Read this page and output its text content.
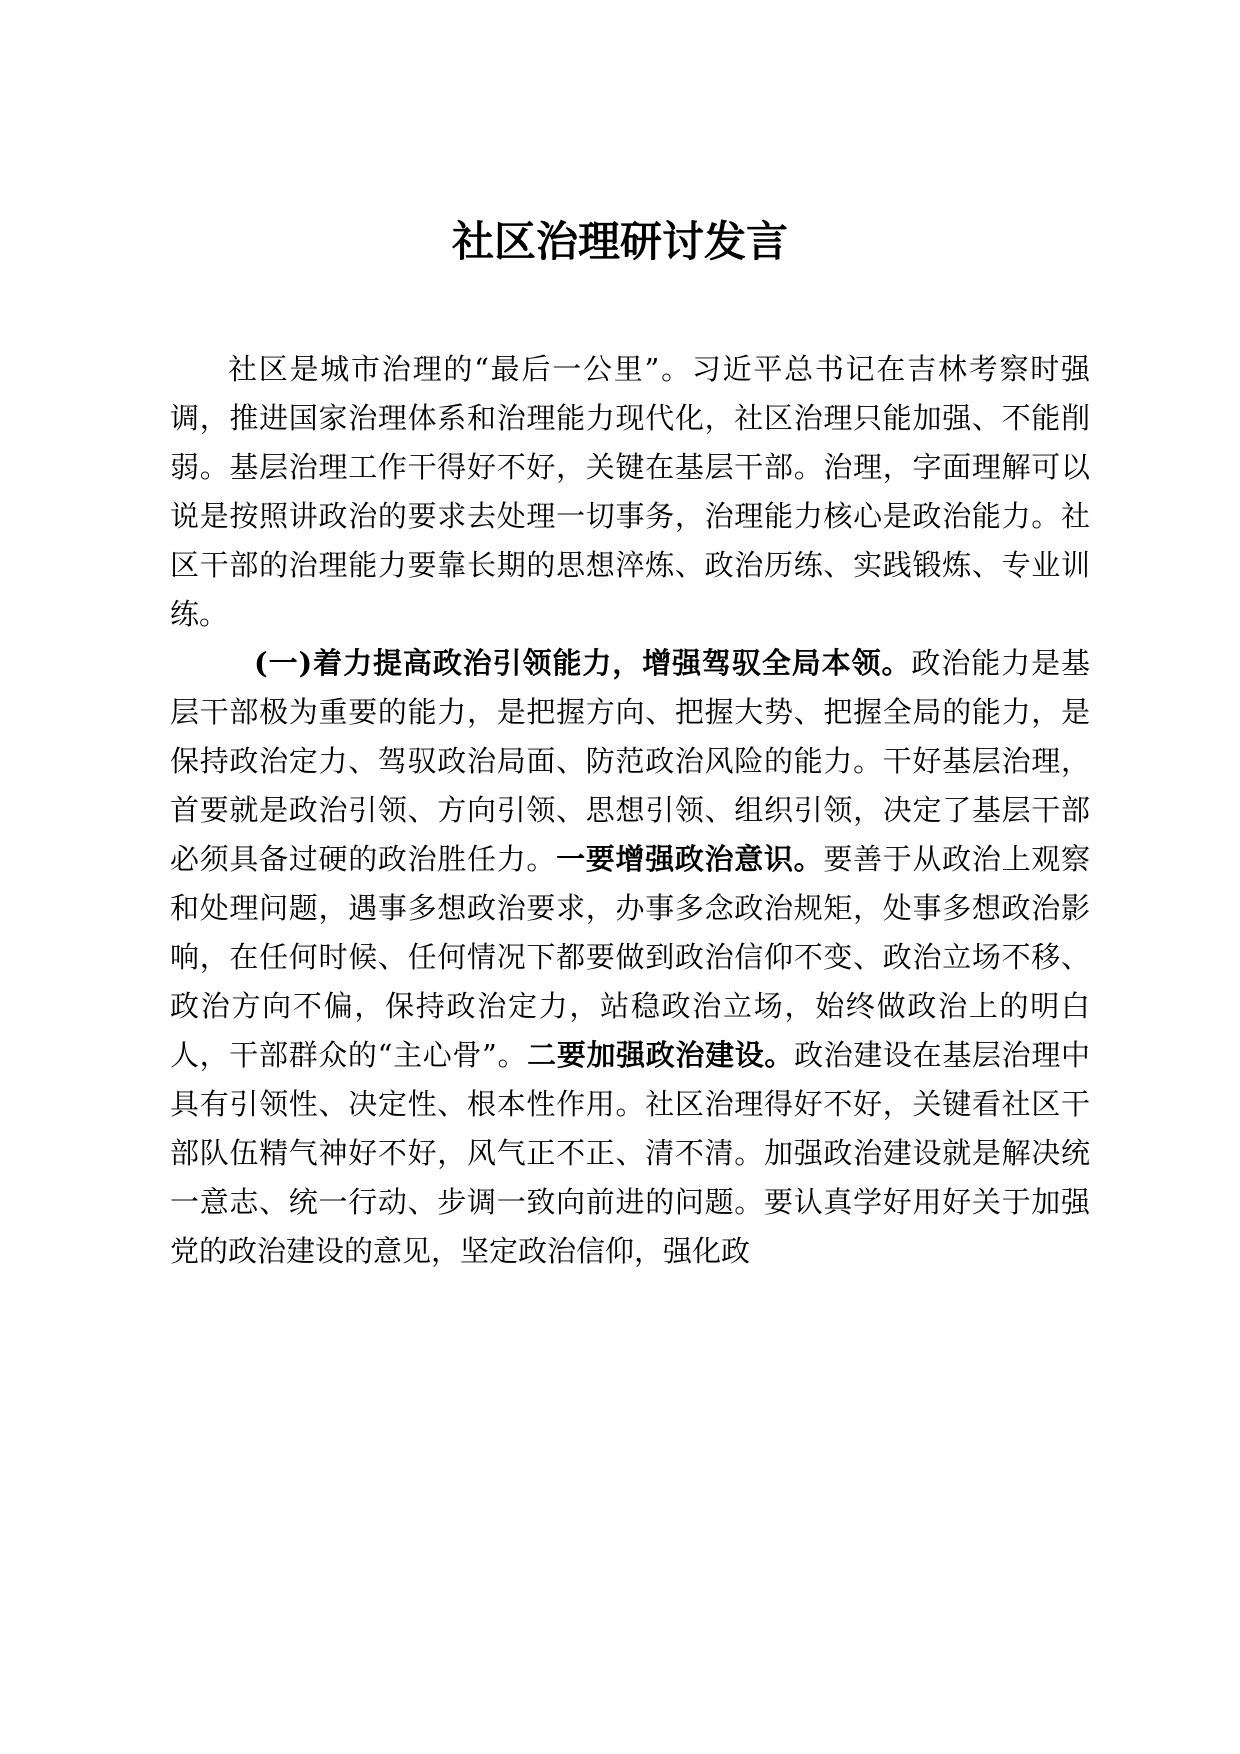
社区治理研讨发言

社区是城市治理的“最后一公里”。习近平总书记在吉林考察时强调，推进国家治理体系和治理能力现代化，社区治理只能加强、不能削弱。基层治理工作干得好不好，关键在基层干部。治理，字面理解可以说是按照讲政治的要求去处理一切事务，治理能力核心是政治能力。社区干部的治理能力要靠长期的思想淬炼、政治历练、实践锻炼、专业训练。

(一)着力提高政治引领能力，增强驾驭全局本领。政治能力是基层干部极为重要的能力，是把握方向、把握大势、把握全局的能力，是保持政治定力、驾驭政治局面、防范政治风险的能力。干好基层治理，首要就是政治引领、方向引领、思想引领、组织引领，决定了基层干部必须具备过硬的政治胜任力。一要增强政治意识。要善于从政治上观察和处理问题，遇事多想政治要求，办事多念政治规矩，处事多想政治影响，在任何时候、任何情况下都要做到政治信仰不变、政治立场不移、政治方向不偏，保持政治定力，站稳政治立场，始终做政治上的明白人，干部群众的“主心骨”。二要加强政治建设。政治建设在基层治理中具有引领性、决定性、根本性作用。社区治理得好不好，关键看社区干部队伍精气神好不好，风气正不正、清不清。加强政治建设就是解决统一意志、统一行动、步调一致向前进的问题。要认真学好用好关于加强党的政治建设的意见，坚定政治信仰，强化政
